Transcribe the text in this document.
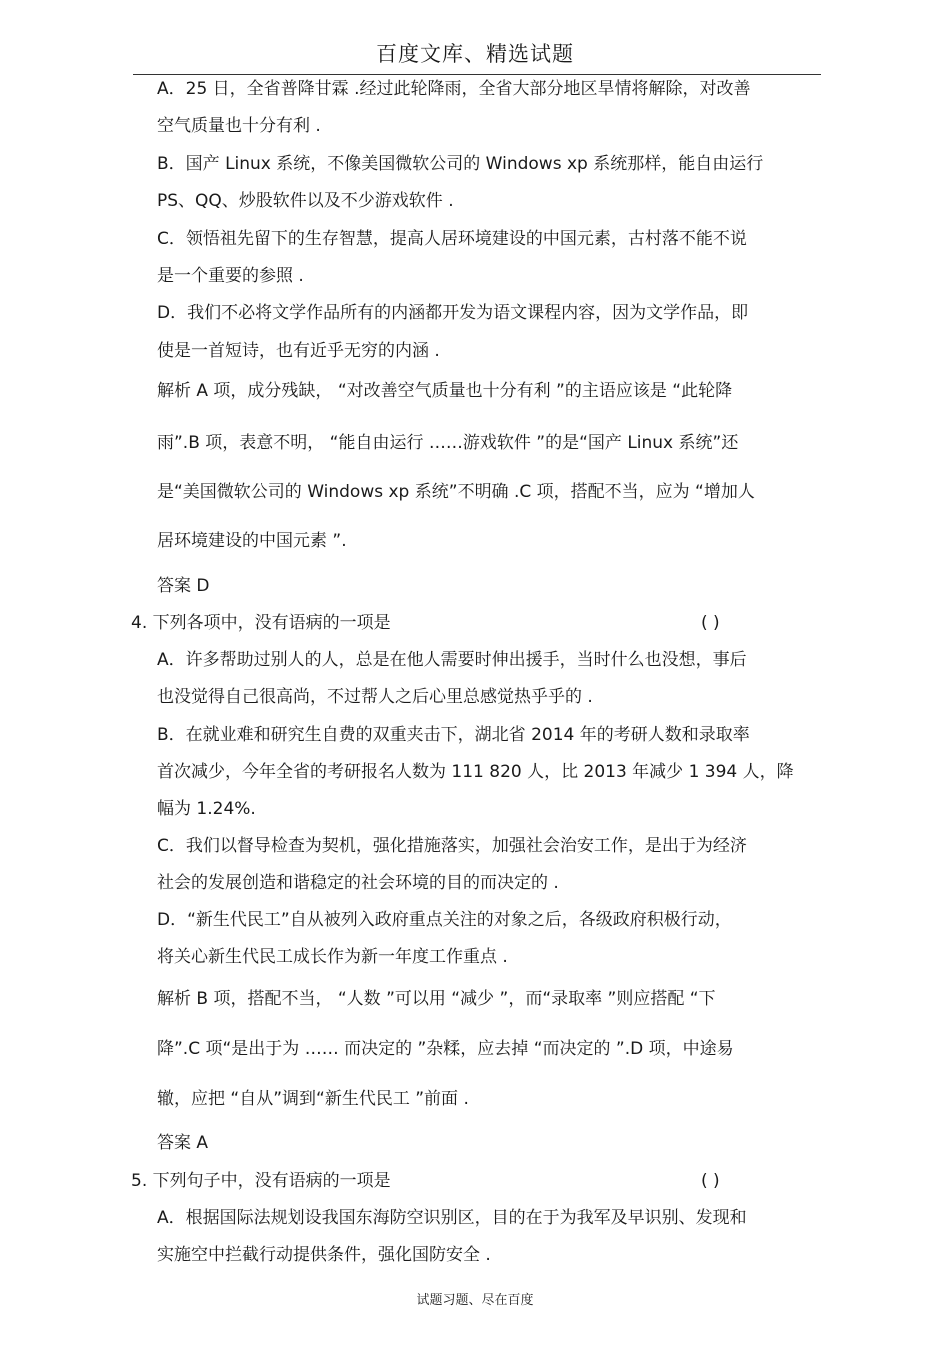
百度文库、精选试题
A．25 日，全省普降甘霖 .经过此轮降雨，全省大部分地区旱情将解除，对改善
空气质量也十分有利 .
B．国产 Linux 系统，不像美国微软公司的 Windows xp 系统那样，能自由运行
PS、QQ、炒股软件以及不少游戏软件 .
C．领悟祖先留下的生存智慧，提高人居环境建设的中国元素，古村落不能不说
是一个重要的参照 .
D．我们不必将文学作品所有的内涵都开发为语文课程内容，因为文学作品，即
使是一首短诗，也有近乎无穷的内涵 .
解析 A 项，成分残缺， “对改善空气质量也十分有利 ”的主语应该是 “此轮降
雨”.B 项，表意不明， “能自由运行 ……游戏软件 ”的是“国产 Linux 系统”还
是“美国微软公司的 Windows xp 系统”不明确 .C 项，搭配不当，应为 “增加人
居环境建设的中国元素 ”.
答案 D
4. 下列各项中，没有语病的一项是	( )
A．许多帮助过别人的人，总是在他人需要时伸出援手，当时什么也没想，事后
也没觉得自己很高尚，不过帮人之后心里总感觉热乎乎的 .
B．在就业难和研究生自费的双重夹击下，湖北省 2014 年的考研人数和录取率
首次减少，今年全省的考研报名人数为 111 820 人，比 2013 年减少 1 394 人，降
幅为 1.24%.
C．我们以督导检查为契机，强化措施落实，加强社会治安工作，是出于为经济
社会的发展创造和谐稳定的社会环境的目的而决定的 .
D．“新生代民工”自从被列入政府重点关注的对象之后，各级政府积极行动，
将关心新生代民工成长作为新一年度工作重点 .
解析 B 项，搭配不当， “人数 ”可以用 “减少 ”，而“录取率 ”则应搭配 “下
降”.C 项“是出于为 …… 而决定的 ”杂糅，应去掉 “而决定的 ”.D 项，中途易
辙，应把 “自从”调到“新生代民工 ”前面 .
答案 A
5. 下列句子中，没有语病的一项是	( )
A．根据国际法规划设我国东海防空识别区，目的在于为我军及早识别、发现和
实施空中拦截行动提供条件，强化国防安全 .
试题习题、尽在百度
